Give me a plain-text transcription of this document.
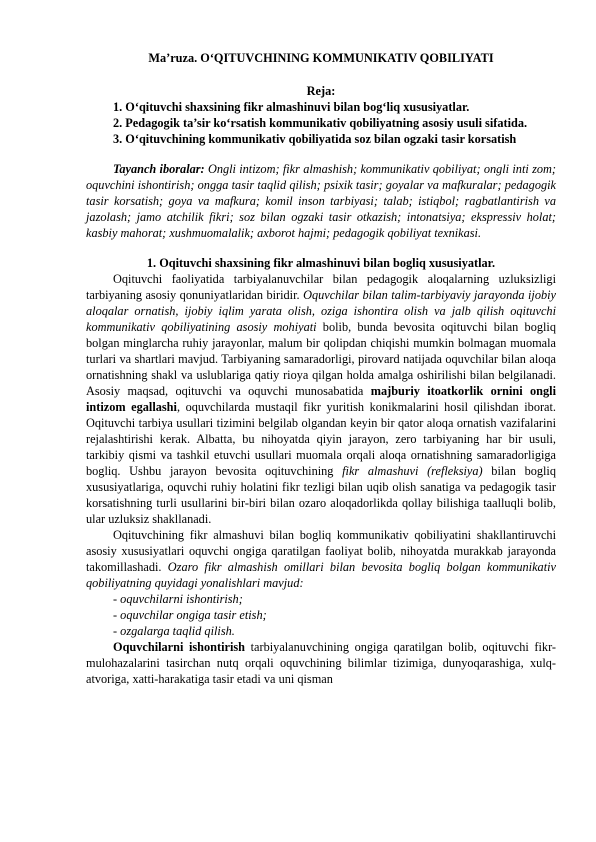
Ma’ruza. O‘QITUVCHINING KOMMUNIKATIV QOBILIYATI

Reja:

1. O‘qituvchi shaxsining fikr almashinuvi bilan bog‘liq xususiyatlar.

2. Pedagogik ta’sir ko‘rsatish kommunikativ qobiliyatning asosiy usuli sifatida.

3. O‘qituvchining kommunikativ qobiliyatida soz bilan ogzaki tasir korsatish

Tayanch iboralar: Ongli intizom; fikr almashish; kommunikativ qobiliyat; ongli inti zom; oquvchini ishontirish; ongga tasir taqlid qilish; psixik tasir; goyalar va mafkuralar; pedagogik tasir korsatish; goya va mafkura; komil inson tarbiyasi; talab; istiqbol; ragbatlantirish va jazolash; jamo atchilik fikri; soz bilan ogzaki tasir otkazish; intonatsiya; ekspressiv holat; kasbiy mahorat; xushmuomalalik; axborot hajmi; pedagogik qobiliyat texnikasi.

1. Oqituvchi shaxsining fikr almashinuvi bilan bogliq xususiyatlar.

Oqituvchi faoliyatida tarbiyalanuvchilar bilan pedagogik aloqalarning uzluksizligi tarbiyaning asosiy qonuniyatlaridan biridir. Oquvchilar bilan talim-tarbiyaviy jarayonda ijobiy aloqalar ornatish, ijobiy iqlim yarata olish, oziga ishontira olish va jalb qilish oqituvchi kommunikativ qobiliyatining asosiy mohiyati bolib, bunda bevosita oqituvchi bilan bogliq bolgan minglarcha ruhiy jarayonlar, malum bir qolipdan chiqishi mumkin bolmagan muomala turlari va shartlari mavjud. Tarbiyaning samaradorligi, pirovard natijada oquvchilar bilan aloqa ornatishning shakl va uslublariga qatiy rioya qilgan holda amalga oshirilishi bilan belgilanadi. Asosiy maqsad, oqituvchi va oquvchi munosabatida majburiy itoatkorlik ornini ongli intizom egallashi, oquvchilarda mustaqil fikr yuritish konikmalarini hosil qilishdan iborat. Oqituvchi tarbiya usullari tizimini belgilab olgandan keyin bir qator aloqa ornatish vazifalarini rejalashtirishi kerak. Albatta, bu nihoyatda qiyin jarayon, zero tarbiyaning har bir usuli, tarkibiy qismi va tashkil etuvchi usullari muomala orqali aloqa ornatishning samaradorligiga bogliq. Ushbu jarayon bevosita oqituvchining fikr almashuvi (refleksiya) bilan bogliq xususiyatlariga, oquvchi ruhiy holatini fikr tezligi bilan uqib olish sanatiga va pedagogik tasir korsatishning turli usullarini bir-biri bilan ozaro aloqadorlikda qollay bilishiga taalluqli bolib, ular uzluksiz shakllanadi.

Oqituvchining fikr almashuvi bilan bogliq kommunikativ qobiliyatini shakllantiruvchi asosiy xususiyatlari oquvchi ongiga qaratilgan faoliyat bolib, nihoyatda murakkab jarayonda takomillashadi. Ozaro fikr almashish omillari bilan bevosita bogliq bolgan kommunikativ qobiliyatning quyidagi yonalishlari mavjud:

- oquvchilarni ishontirish;

- oquvchilar ongiga tasir etish;

- ozgalarga taqlid qilish.

Oquvchilarni ishontirish tarbiyalanuvchining ongiga qaratilgan bolib, oqituvchi fikr-mulohazalarini tasirchan nutq orqali oquvchining bilimlar tizimiga, dunyoqarashiga, xulq-atvoriga, xatti-harakatiga tasir etadi va uni qisman
